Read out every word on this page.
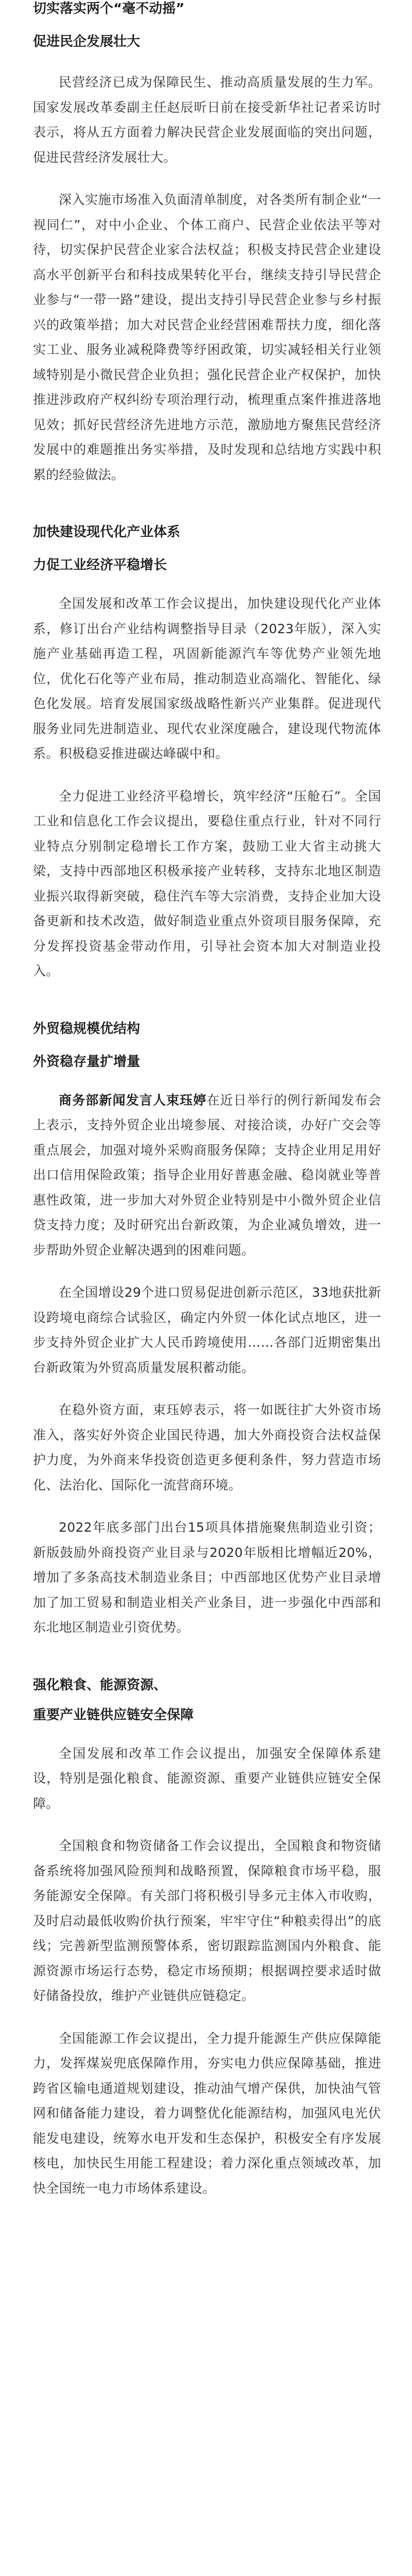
切实落实两个“毫不动摇”
促进民企发展壮大

民营经济已成为保障民生、推动高质量发展的生力军。国家发展改革委副主任赵辰昕日前在接受新华社记者采访时表示，将从五方面着力解决民营企业发展面临的突出问题，促进民营经济发展壮大。

深入实施市场准入负面清单制度，对各类所有制企业“一视同仁”，对中小企业、个体工商户、民营企业依法平等对待，切实保护民营企业家合法权益；积极支持民营企业建设高水平创新平台和科技成果转化平台，继续支持引导民营企业参与“一带一路”建设，提出支持引导民营企业参与乡村振兴的政策举措；加大对民营企业经营困难帮扶力度，细化落实工业、服务业减税降费等纾困政策，切实减轻相关行业领域特别是小微民营企业负担；强化民营企业产权保护，加快推进涉政府产权纠纷专项治理行动，梳理重点案件推进落地见效；抓好民营经济先进地方示范，激励地方聚焦民营经济发展中的难题推出务实举措，及时发现和总结地方实践中积累的经验做法。

加快建设现代化产业体系
力促工业经济平稳增长

全国发展和改革工作会议提出，加快建设现代化产业体系，修订出台产业结构调整指导目录（2023年版），深入实施产业基础再造工程，巩固新能源汽车等优势产业领先地位，优化石化等产业布局，推动制造业高端化、智能化、绿色化发展。培育发展国家级战略性新兴产业集群。促进现代服务业同先进制造业、现代农业深度融合，建设现代物流体系。积极稳妥推进碳达峰碳中和。

全力促进工业经济平稳增长，筑牢经济“压舱石”。全国工业和信息化工作会议提出，要稳住重点行业，针对不同行业特点分别制定稳增长工作方案，鼓励工业大省主动挑大梁，支持中西部地区积极承接产业转移，支持东北地区制造业振兴取得新突破，稳住汽车等大宗消费，支持企业加大设备更新和技术改造，做好制造业重点外资项目服务保障，充分发挥投资基金带动作用，引导社会资本加大对制造业投入。

外贸稳规模优结构
外资稳存量扩增量

商务部新闻发言人束珏婷在近日举行的例行新闻发布会上表示，支持外贸企业出境参展、对接洽谈，办好广交会等重点展会，加强对境外采购商服务保障；支持企业用足用好出口信用保险政策；指导企业用好普惠金融、稳岗就业等普惠性政策，进一步加大对外贸企业特别是中小微外贸企业信贷支持力度；及时研究出台新政策，为企业减负增效，进一步帮助外贸企业解决遇到的困难问题。

在全国增设29个进口贸易促进创新示范区，33地获批新设跨境电商综合试验区，确定内外贸一体化试点地区，进一步支持外贸企业扩大人民币跨境使用……各部门近期密集出台新政策为外贸高质量发展积蓄动能。

在稳外资方面，束珏婷表示，将一如既往扩大外资市场准入，落实好外资企业国民待遇，加大外商投资合法权益保护力度，为外商来华投资创造更多便利条件，努力营造市场化、法治化、国际化一流营商环境。

2022年底多部门出台15项具体措施聚焦制造业引资；新版鼓励外商投资产业目录与2020年版相比增幅近20%，增加了多条高技术制造业条目；中西部地区优势产业目录增加了加工贸易和制造业相关产业条目，进一步强化中西部和东北地区制造业引资优势。

强化粮食、能源资源、
重要产业链供应链安全保障

全国发展和改革工作会议提出，加强安全保障体系建设，特别是强化粮食、能源资源、重要产业链供应链安全保障。

全国粮食和物资储备工作会议提出，全国粮食和物资储备系统将加强风险预判和战略预置，保障粮食市场平稳，服务能源安全保障。有关部门将积极引导多元主体入市收购，及时启动最低收购价执行预案，牢牢守住“种粮卖得出”的底线；完善新型监测预警体系，密切跟踪监测国内外粮食、能源资源市场运行态势，稳定市场预期；根据调控要求适时做好储备投放，维护产业链供应链稳定。

全国能源工作会议提出，全力提升能源生产供应保障能力，发挥煤炭兜底保障作用，夯实电力供应保障基础，推进跨省区输电通道规划建设，推动油气增产保供，加快油气管网和储备能力建设，着力调整优化能源结构，加强风电光伏能发电建设，统筹水电开发和生态保护，积极安全有序发展核电，加快民生用能工程建设；着力深化重点领域改革，加快全国统一电力市场体系建设。
